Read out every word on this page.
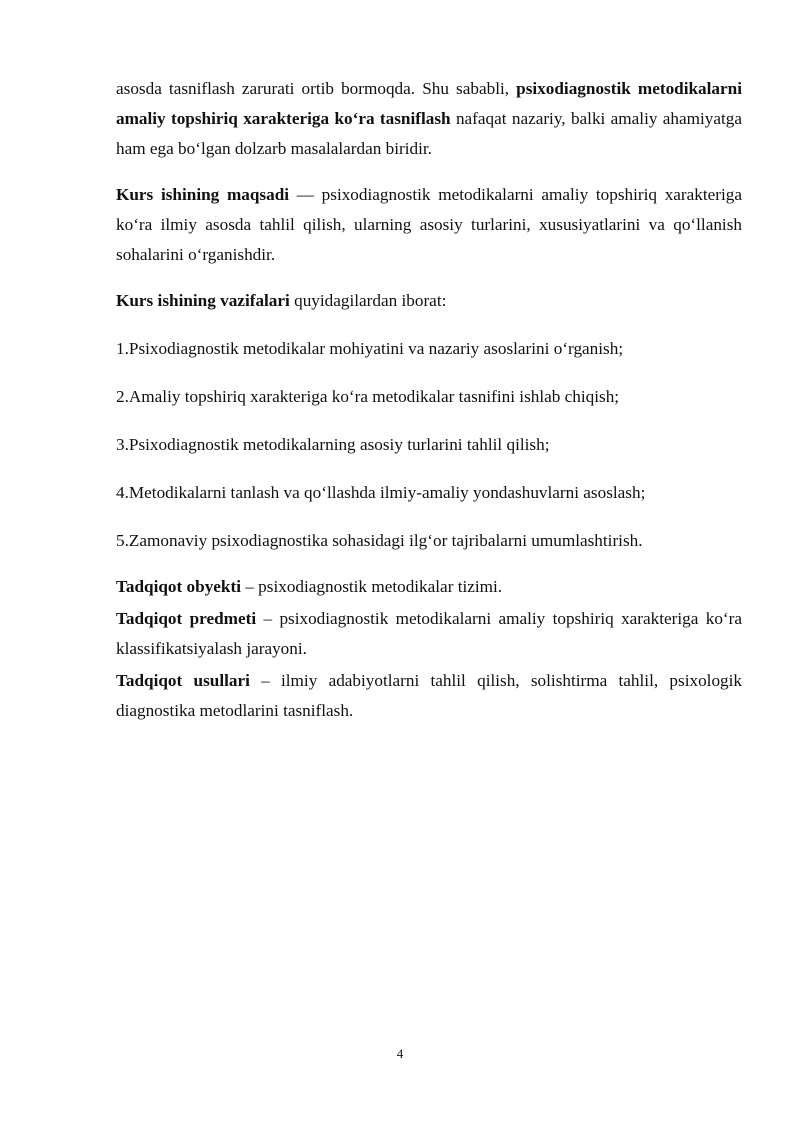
asosda tasniflash zarurati ortib bormoqda. Shu sababli, psixodiagnostik metodikalarni amaliy topshiriq xarakteriga ko‘ra tasniflash nafaqat nazariy, balki amaliy ahamiyatga ham ega bo‘lgan dolzarb masalalardan biridir.

Kurs ishining maqsadi — psixodiagnostik metodikalarni amaliy topshiriq xarakteriga ko‘ra ilmiy asosda tahlil qilish, ularning asosiy turlarini, xususiyatlarini va qo‘llanish sohalarini o‘rganishdir.

Kurs ishining vazifalari quyidagilardan iborat:

1.Psixodiagnostik metodikalar mohiyatini va nazariy asoslarini o‘rganish;

2.Amaliy topshiriq xarakteriga ko‘ra metodikalar tasnifini ishlab chiqish;

3.Psixodiagnostik metodikalarning asosiy turlarini tahlil qilish;

4.Metodikalarni tanlash va qo‘llashda ilmiy-amaliy yondashuvlarni asoslash;

5.Zamonaviy psixodiagnostika sohasidagi ilg‘or tajribalarni umumlashtirish.

Tadqiqot obyekti – psixodiagnostik metodikalar tizimi.

Tadqiqot predmeti – psixodiagnostik metodikalarni amaliy topshiriq xarakteriga ko‘ra klassifikatsiyalash jarayoni.

Tadqiqot usullari – ilmiy adabiyotlarni tahlil qilish, solishtirma tahlil, psixologik diagnostika metodlarini tasniflash.

4
